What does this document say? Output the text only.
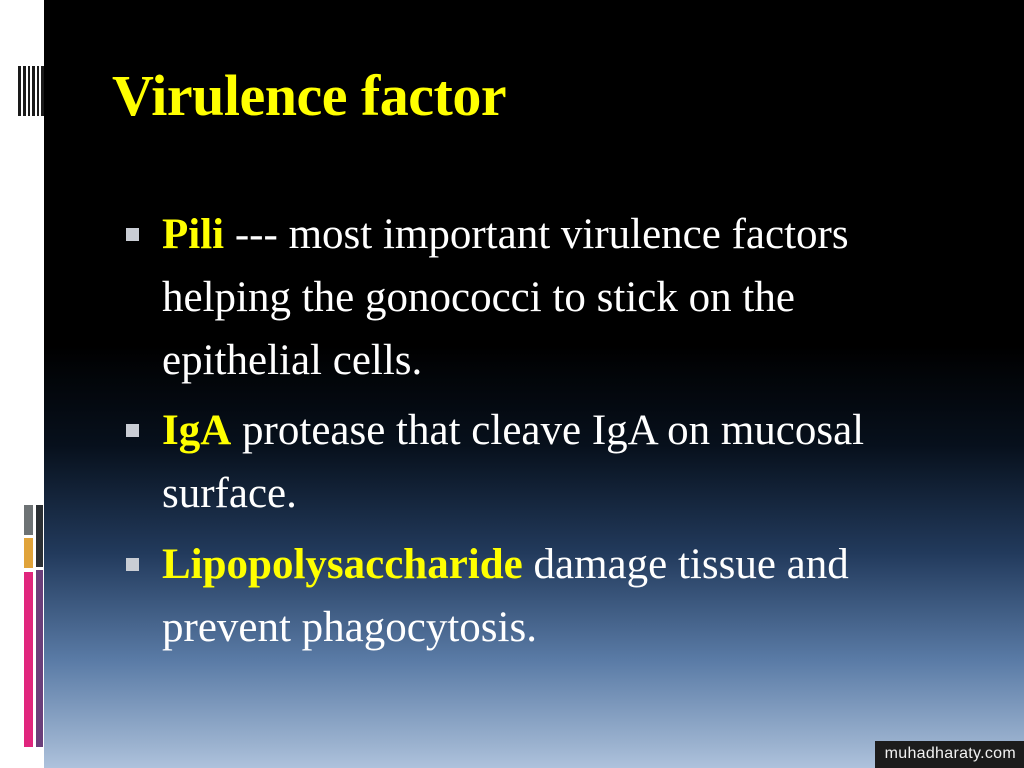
Virulence factor
Pili --- most important virulence factors helping the gonococci to stick on the epithelial cells.
IgA protease that cleave IgA on mucosal surface.
Lipopolysaccharide damage tissue and prevent phagocytosis.
muhadharaty.com
